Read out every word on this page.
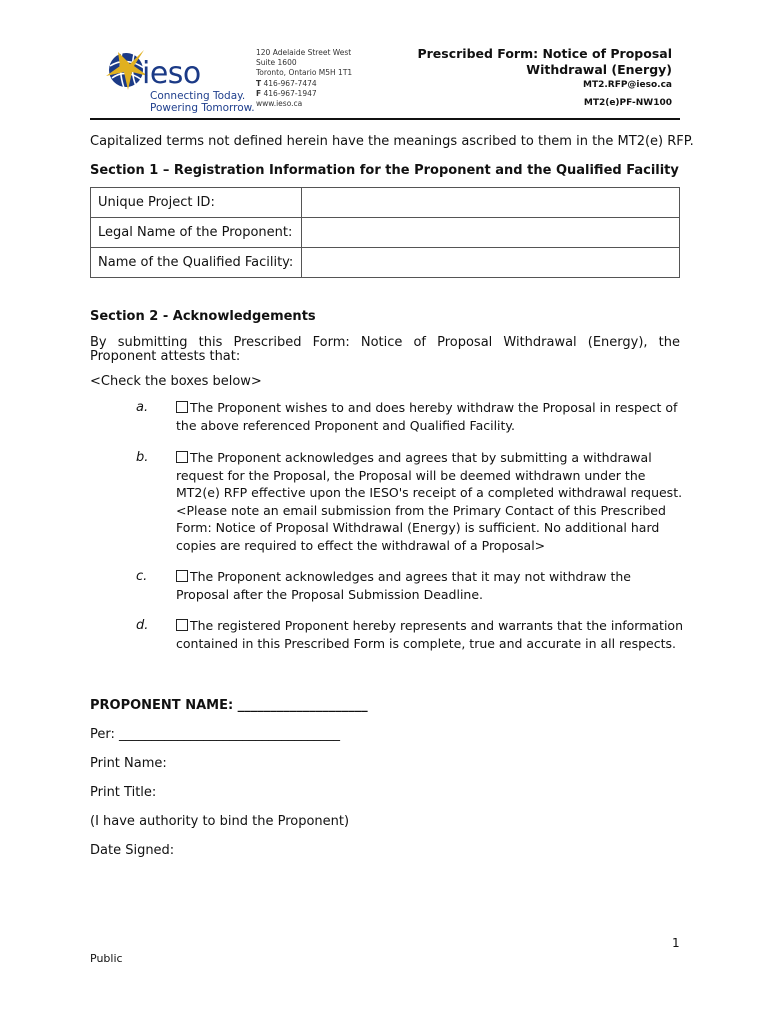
ieso
Connecting Today.
Powering Tomorrow.
120 Adelaide Street West
Suite 1600
Toronto, Ontario M5H 1T1
T 416-967-7474
F 416-967-1947
www.ieso.ca
Prescribed Form: Notice of Proposal
Withdrawal (Energy)
MT2.RFP@ieso.ca
MT2(e)PF-NW100
Capitalized terms not defined herein have the meanings ascribed to them in the MT2(e) RFP.
Section 1 – Registration Information for the Proponent and the Qualified Facility
Unique Project ID:	
Legal Name of the Proponent:	
Name of the Qualified Facility:	
Section 2 - Acknowledgements
By submitting this Prescribed Form: Notice of Proposal Withdrawal (Energy), the Proponent attests that:
<Check the boxes below>
a.	The Proponent wishes to and does hereby withdraw the Proposal in respect of the above referenced Proponent and Qualified Facility.
b.	The Proponent acknowledges and agrees that by submitting a withdrawal request for the Proposal, the Proposal will be deemed withdrawn under the MT2(e) RFP effective upon the IESO's receipt of a completed withdrawal request. <Please note an email submission from the Primary Contact of this Prescribed Form: Notice of Proposal Withdrawal (Energy) is sufficient. No additional hard copies are required to effect the withdrawal of a Proposal>
c.	The Proponent acknowledges and agrees that it may not withdraw the Proposal after the Proposal Submission Deadline.
d.	The registered Proponent hereby represents and warrants that the information contained in this Prescribed Form is complete, true and accurate in all respects.
PROPONENT NAME: ____________________
Per: __________________________________
Print Name:
Print Title:
(I have authority to bind the Proponent)
Date Signed:
1
Public
